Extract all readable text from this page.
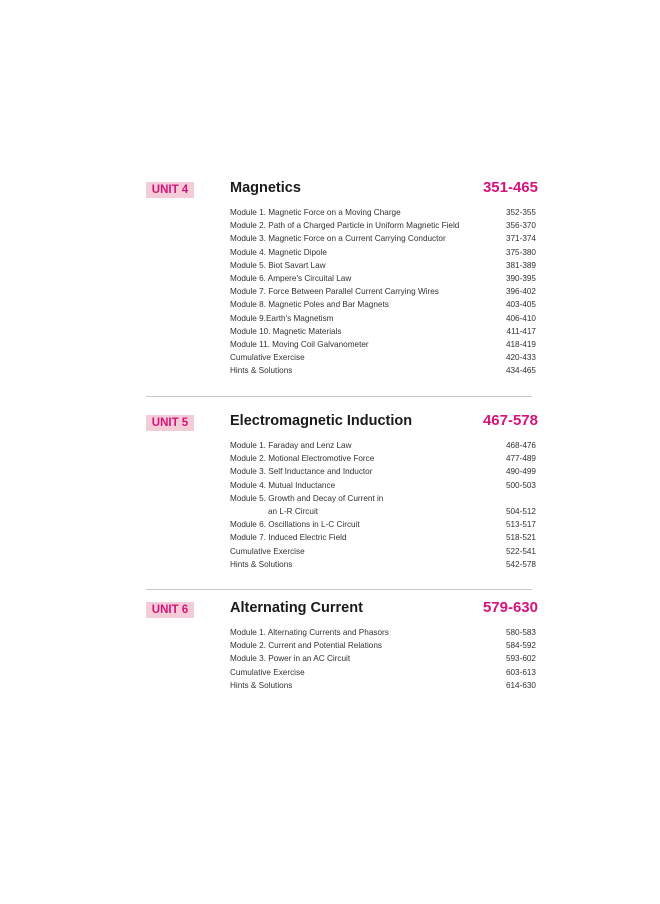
UNIT 4	Magnetics	351-465
Module 1. Magnetic Force on a Moving Charge	352-355
Module 2. Path of a Charged Particle in Uniform Magnetic Field	356-370
Module 3. Magnetic Force on a Current Carrying Conductor	371-374
Module 4. Magnetic Dipole	375-380
Module 5. Biot Savart Law	381-389
Module 6. Ampere's Circuital Law	390-395
Module 7. Force Between Parallel Current Carrying Wires	396-402
Module 8. Magnetic Poles and Bar Magnets	403-405
Module 9.Earth's Magnetism	406-410
Module 10. Magnetic Materials	411-417
Module 11. Moving Coil Galvanometer	418-419
Cumulative Exercise	420-433
Hints & Solutions	434-465
UNIT 5	Electromagnetic Induction	467-578
Module 1. Faraday and Lenz Law	468-476
Module 2. Motional Electromotive Force	477-489
Module 3. Self Inductance and Inductor	490-499
Module 4. Mutual Inductance	500-503
Module 5. Growth and Decay of Current in
an L-R Circuit	504-512
Module 6. Oscillations in L-C Circuit	513-517
Module 7. Induced Electric Field	518-521
Cumulative Exercise	522-541
Hints & Solutions	542-578
UNIT 6	Alternating Current	579-630
Module 1. Alternating Currents and Phasors	580-583
Module 2. Current and Potential Relations	584-592
Module 3. Power in an AC Circuit	593-602
Cumulative Exercise	603-613
Hints & Solutions	614-630
